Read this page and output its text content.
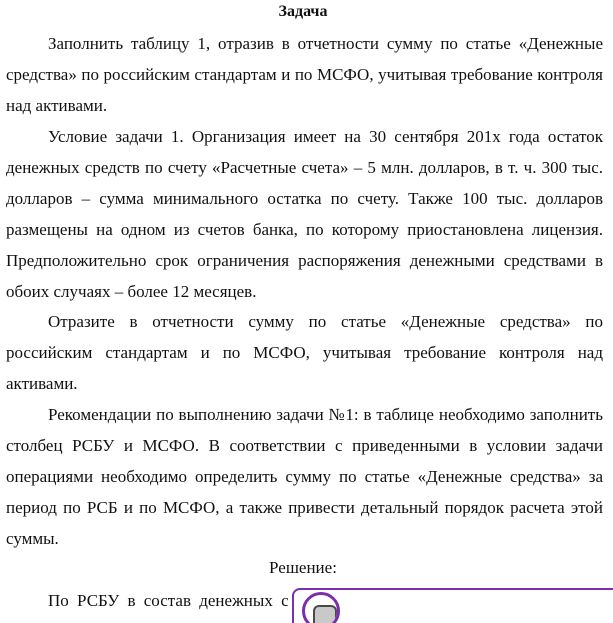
Задача

Заполнить таблицу 1, отразив в отчетности сумму по статье «Денежные средства» по российским стандартам и по МСФО, учитывая требование контроля над активами.

Условие задачи 1. Организация имеет на 30 сентября 201х года остаток денежных средств по счету «Расчетные счета» – 5 млн. долларов, в т. ч. 300 тыс. долларов – сумма минимального остатка по счету. Также 100 тыс. долларов размещены на одном из счетов банка, по которому приостановлена лицензия. Предположительно срок ограничения распоряжения денежными средствами в обоих случаях – более 12 месяцев.

Отразите в отчетности сумму по статье «Денежные средства» по российским стандартам и по МСФО, учитывая требование контроля над активами.

Рекомендации по выполнению задачи №1: в таблице необходимо заполнить столбец РСБУ и МСФО. В соответствии с приведенными в условии задачи операциями необходимо определить сумму по статье «Денежные средства» за период по РСБ и по МСФО, а также привести детальный порядок расчета этой суммы.

Решение:

По РСБУ в состав денежных с
